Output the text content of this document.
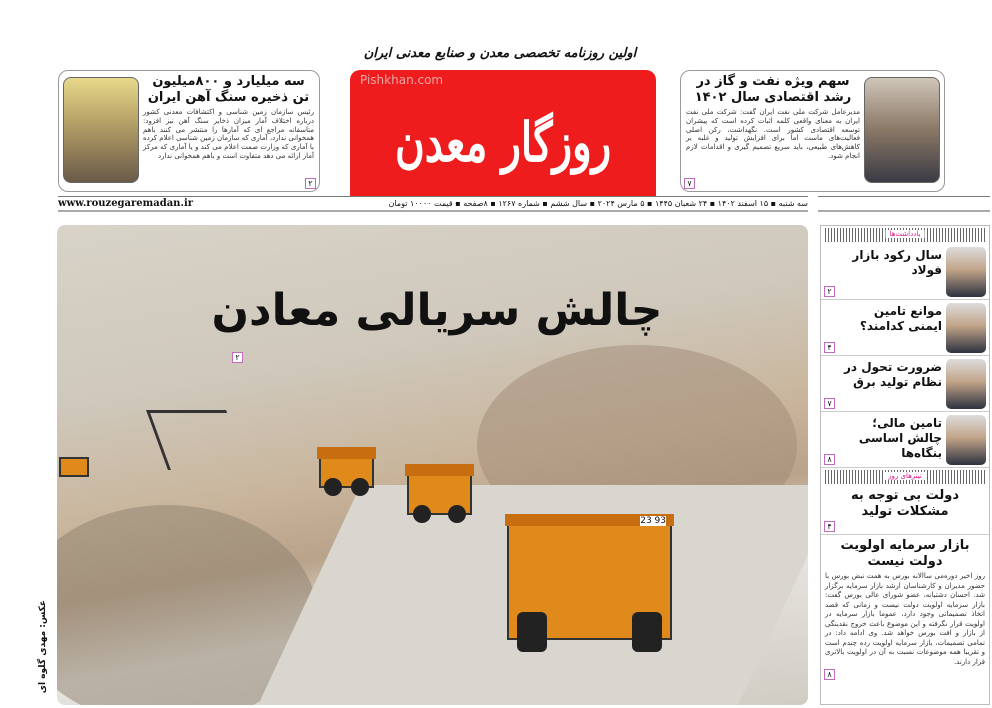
اولین روزنامه تخصصی معدن و صنایع معدنی ایران
روزگار معدن
Pishkhan.com
سه میلیارد و ۸۰۰میلیون تن ذخیره سنگ آهن ایران
رئیس سازمان زمین شناسی و اکتشافات معدنی کشور درباره اختلاف آمار میزان ذخایر سنگ آهن نیز افزود: متاسفانه مراجع ای که آمارها را منتشر می کنند باهم همخوانی ندارد، آماری که سازمان زمین شناسی اعلام کرده با آماری که وزارت صمت اعلام می کند و یا آماری که مرکز آمار ارائه می دهد متفاوت است و باهم همخوانی ندارد
۲
سهم ویژه نفت و گاز در رشد اقتصادی سال ۱۴۰۲
مدیرعامل شرکت ملی نفت ایران گفت: شرکت ملی نفت ایران به معنای واقعی کلمه اثبات کرده است که پیشران توسعه اقتصادی کشور است. نگهداشت، رکن اصلی فعالیت‌های ماست اما برای افزایش تولید و غلبه بر کاهش‌های طبیعی، باید سریع تصمیم گیری و اقدامات لازم انجام شود.
۷
www.rouzegaremadan.ir	سه شنبه ▪ ۱۵ اسفند ۱۴۰۲ ▪ ۲۴ شعبان ۱۴۴۵ ▪ ۵ مارس ۲۰۲۴ ▪ سال ششم ▪ شماره ۱۲۶۷ ▪ ۸صفحه ▪ قیمت ۱۰۰۰۰ تومان
23 93
چالش سریالی معادن
۲
عکس: مهدی گلوه ای
یادداشت‌ها
سال رکود بازار فولاد
۲
موانع تامین ایمنی کدامند؟
۴
ضرورت تحول در نظام تولید برق
۷
تامین مالی؛ چالش اساسی بنگاه‌ها
۸
تیترهای روز
دولت بی توجه به مشکلات تولید
۴
بازار سرمایه اولویت دولت نیست
روز اخیر دوره‌می ساالانه بورس به همت نبض بورس با حضور مدیران و کارشناسان ارشد بازار سرمایه برگزار شد. احسان دشتیانه، عضو شورای عالی بورس گفت: بازار سرمایه اولویت دولت نیست و زمانی که قصد اتخاذ تصمیماتی وجود دارد، عموما بازار سرمایه در اولویت قرار نگرفته و این موضوع باعث خروج نقدینگی از بازار و افت بورس خواهد شد. وی ادامه داد: در تمامی تصمیمات، بازار سرمایه اولویت رده چندم است و تقریبا همه موضوعات نسبت به آن در اولویت بالاتری قرار دارند.
۸
